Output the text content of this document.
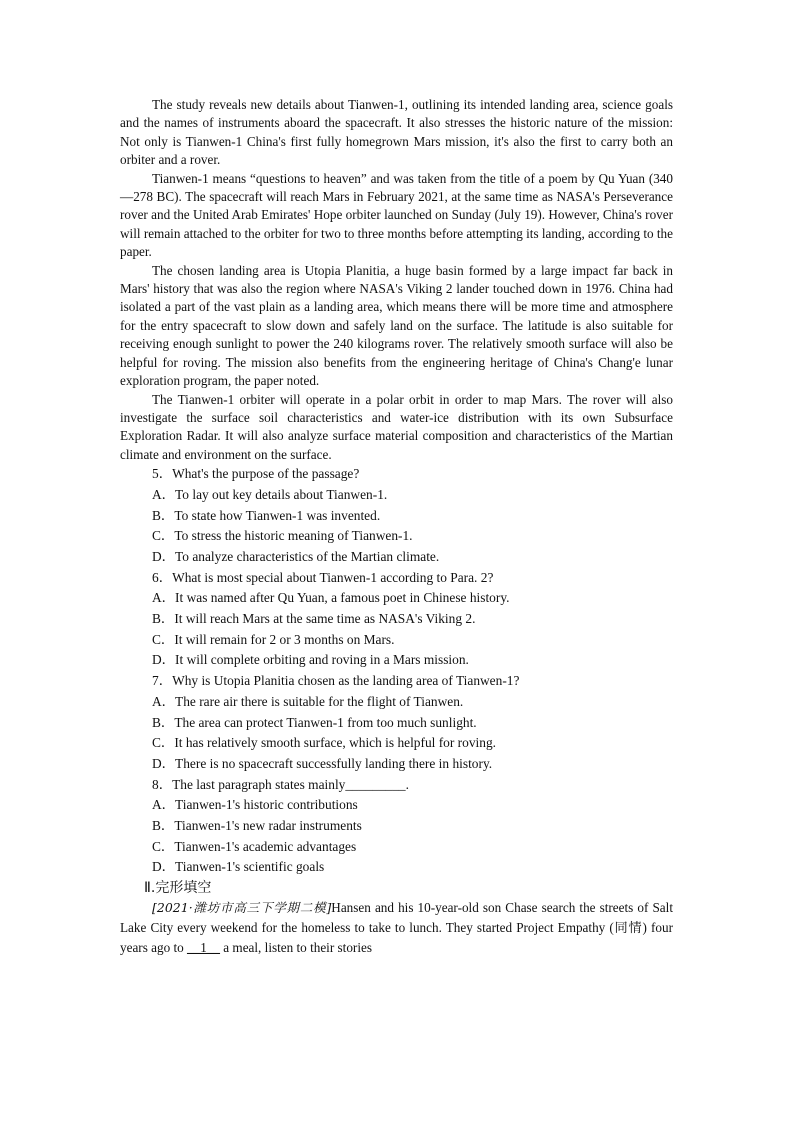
The study reveals new details about Tianwen-1, outlining its intended landing area, science goals and the names of instruments aboard the spacecraft. It also stresses the historic nature of the mission: Not only is Tianwen-1 China's first fully homegrown Mars mission, it's also the first to carry both an orbiter and a rover.

Tianwen-1 means “questions to heaven” and was taken from the title of a poem by Qu Yuan (340—278 BC). The spacecraft will reach Mars in February 2021, at the same time as NASA's Perseverance rover and the United Arab Emirates' Hope orbiter launched on Sunday (July 19). However, China's rover will remain attached to the orbiter for two to three months before attempting its landing, according to the paper.

The chosen landing area is Utopia Planitia, a huge basin formed by a large impact far back in Mars' history that was also the region where NASA's Viking 2 lander touched down in 1976. China had isolated a part of the vast plain as a landing area, which means there will be more time and atmosphere for the entry spacecraft to slow down and safely land on the surface. The latitude is also suitable for receiving enough sunlight to power the 240 kilograms rover. The relatively smooth surface will also be helpful for roving. The mission also benefits from the engineering heritage of China's Chang'e lunar exploration program, the paper noted.

The Tianwen-1 orbiter will operate in a polar orbit in order to map Mars. The rover will also investigate the surface soil characteristics and water-ice distribution with its own Subsurface Exploration Radar. It will also analyze surface material composition and characteristics of the Martian climate and environment on the surface.

5．What's the purpose of the passage?

A．To lay out key details about Tianwen-1.

B．To state how Tianwen-1 was invented.

C．To stress the historic meaning of Tianwen-1.

D．To analyze characteristics of the Martian climate.

6．What is most special about Tianwen-1 according to Para. 2?

A．It was named after Qu Yuan, a famous poet in Chinese history.

B．It will reach Mars at the same time as NASA's Viking 2.

C．It will remain for 2 or 3 months on Mars.

D．It will complete orbiting and roving in a Mars mission.

7．Why is Utopia Planitia chosen as the landing area of Tianwen-1?

A．The rare air there is suitable for the flight of Tianwen.

B．The area can protect Tianwen-1 from too much sunlight.

C．It has relatively smooth surface, which is helpful for roving.

D．There is no spacecraft successfully landing there in history.

8．The last paragraph states mainly_________.

A．Tianwen-1's historic contributions

B．Tianwen-1's new radar instruments

C．Tianwen-1's academic advantages

D．Tianwen-1's scientific goals

Ⅱ.完形填空

[2021·潍坊市高三下学期二模]Hansen and his 10-year-old son Chase search the streets of Salt Lake City every weekend for the homeless to take to lunch. They started Project Empathy (同情) four years ago to __1__ a meal, listen to their stories
